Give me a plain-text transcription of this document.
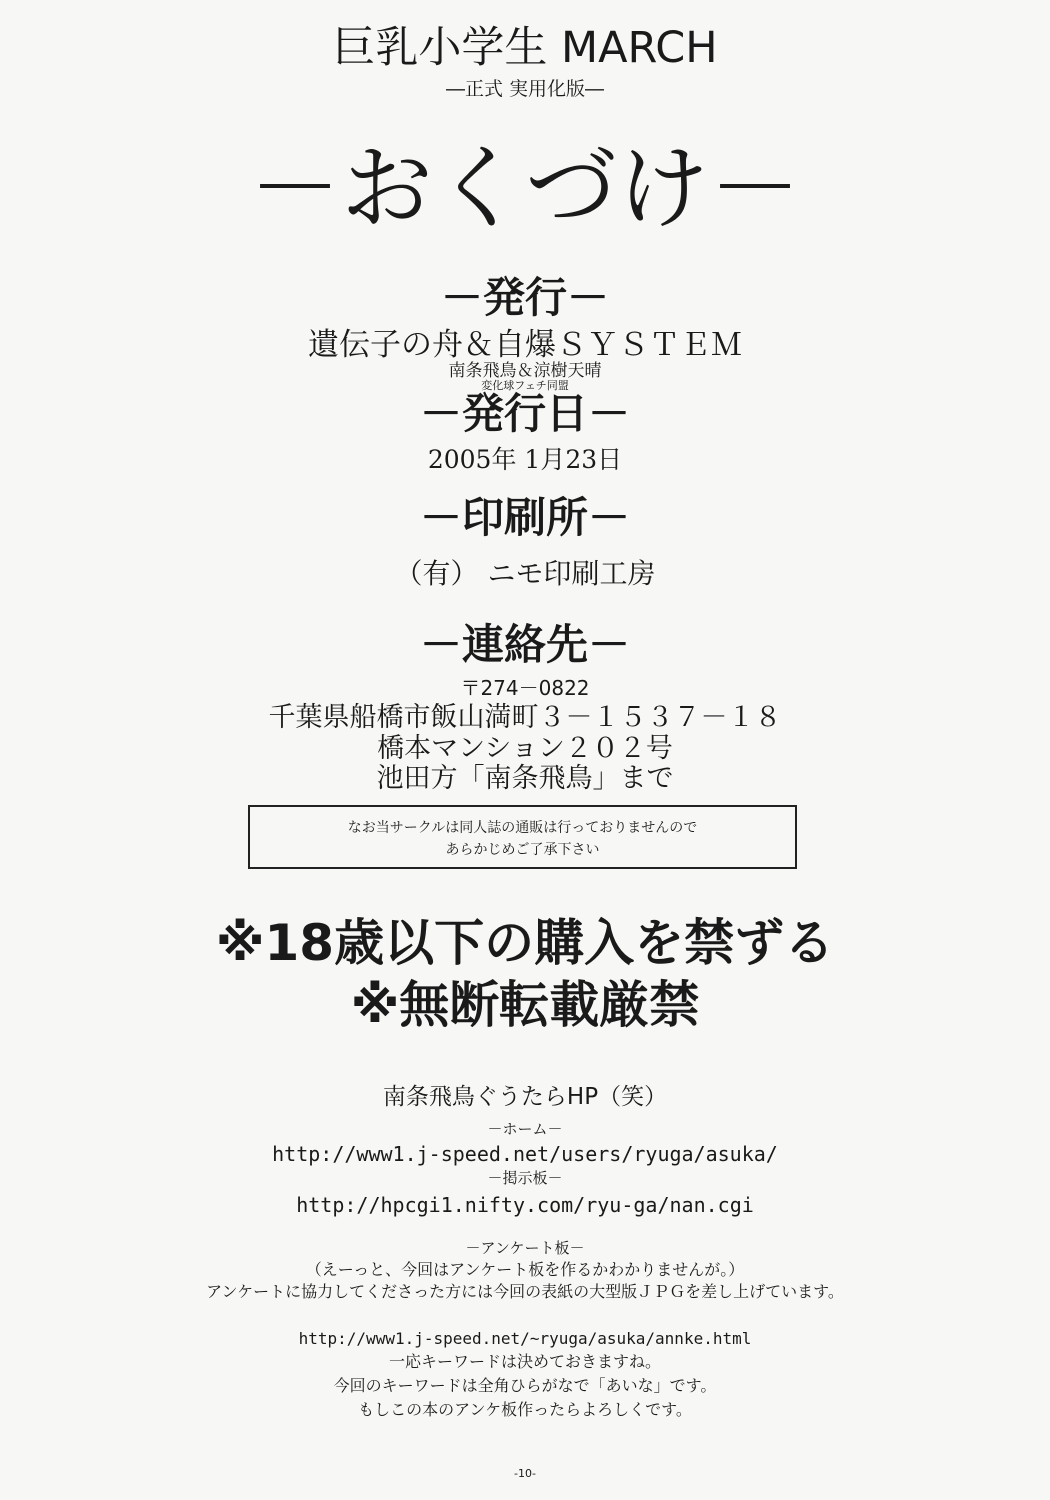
巨乳小学生 MARCH
―正式 実用化版―
－おくづけ－
－発行－
遺伝子の舟＆自爆ＳＹＳＴＥＭ
南条飛鳥＆涼樹天晴
変化球フェチ同盟
－発行日－
2005年 1月23日
－印刷所－
（有） ニモ印刷工房
－連絡先－
〒274－0822
千葉県船橋市飯山満町３－１５３７－１８
橋本マンション２０２号
池田方「南条飛鳥」まで
なお当サークルは同人誌の通販は行っておりませんので
あらかじめご了承下さい
※18歳以下の購入を禁ずる
※無断転載厳禁
南条飛鳥ぐうたらHP（笑）
－ホーム－
http://www1.j-speed.net/users/ryuga/asuka/
－掲示板－
http://hpcgi1.nifty.com/ryu-ga/nan.cgi
－アンケート板－
（えーっと、今回はアンケート板を作るかわかりませんが。）
アンケートに協力してくださった方には今回の表紙の大型版ＪＰＧを差し上げています。
http://www1.j-speed.net/~ryuga/asuka/annke.html
一応キーワードは決めておきますね。
今回のキーワードは全角ひらがなで「あいな」です。
もしこの本のアンケ板作ったらよろしくです。
-10-
